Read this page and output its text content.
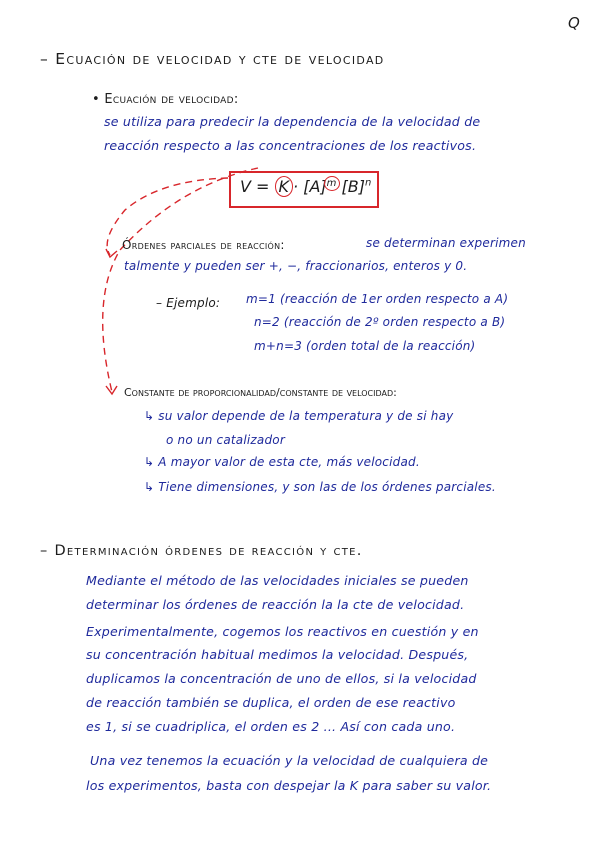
Q
– Ecuación de velocidad y cte de velocidad
• Ecuación de velocidad:
se utiliza para predecir la dependencia de la velocidad de
reacción respecto a las concentraciones de los reactivos.
$V = K \cdot [A]^m$ $[B]^n$
Órdenes parciales de reacción:	se determinan experimen
talmente y pueden ser +, −, fraccionarios, enteros y 0.
– Ejemplo: m=1 (reacción de 1er orden respecto a A)
n=2 (reacción de 2º orden respecto a B)
m+n=3 (orden total de la reacción)
Constante de proporcionalidad/constante de velocidad:
↳ su valor depende de la temperatura y de si hay
o no un catalizador
↳ A mayor valor de esta cte, más velocidad.
↳ Tiene dimensiones, y son las de los órdenes parciales.
– Determinación órdenes de reacción y cte.
Mediante el método de las velocidades iniciales se pueden
determinar los órdenes de reacción la la cte de velocidad.
Experimentalmente, cogemos los reactivos en cuestión y en
su concentración habitual medimos la velocidad. Después,
duplicamos la concentración de uno de ellos, si la velocidad
de reacción también se duplica, el orden de ese reactivo
es 1, si se cuadriplica, el orden es 2 ... Así con cada uno.
Una vez tenemos la ecuación y la velocidad de cualquiera de
los experimentos, basta con despejar la K para saber su valor.
